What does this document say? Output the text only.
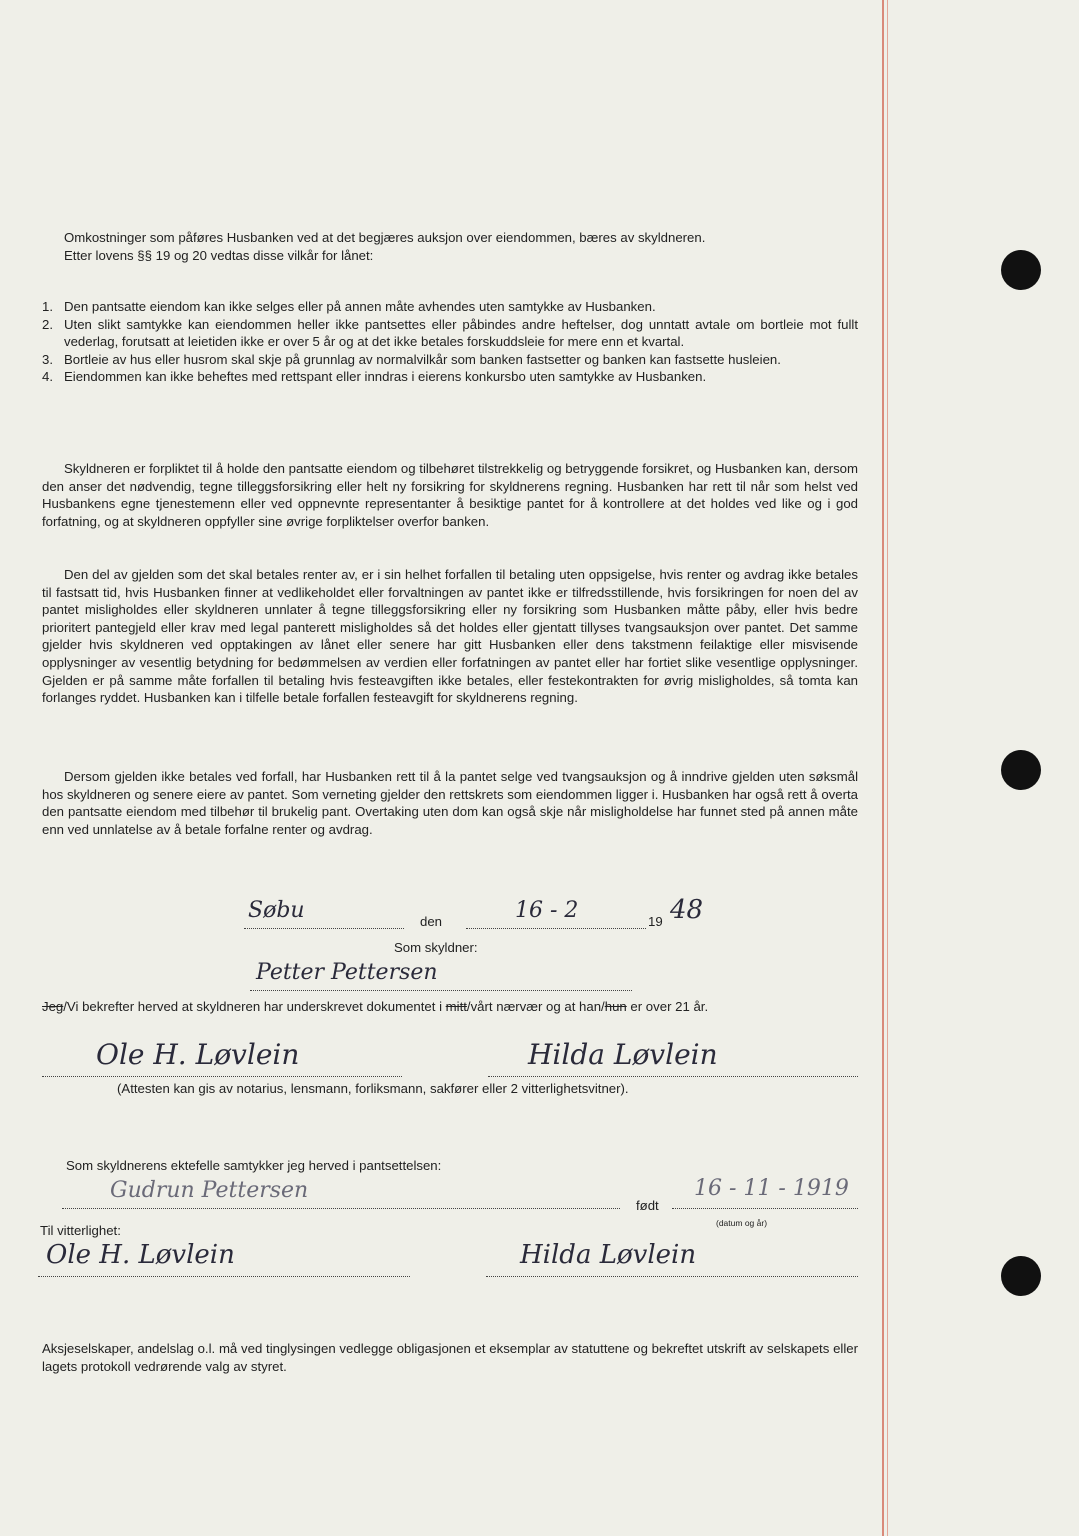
Omkostninger som påføres Husbanken ved at det begjæres auksjon over eiendommen, bæres av skyldneren.

Etter lovens §§ 19 og 20 vedtas disse vilkår for lånet:

1. Den pantsatte eiendom kan ikke selges eller på annen måte avhendes uten samtykke av Husbanken.
2. Uten slikt samtykke kan eiendommen heller ikke pantsettes eller påbindes andre heftelser, dog unntatt avtale om bortleie mot fullt vederlag, forutsatt at leietiden ikke er over 5 år og at det ikke betales forskuddsleie for mere enn et kvartal.
3. Bortleie av hus eller husrom skal skje på grunnlag av normalvilkår som banken fastsetter og banken kan fastsette husleien.
4. Eiendommen kan ikke beheftes med rettspant eller inndras i eierens konkursbo uten samtykke av Husbanken.

Skyldneren er forpliktet til å holde den pantsatte eiendom og tilbehøret tilstrekkelig og betryggende forsikret, og Husbanken kan, dersom den anser det nødvendig, tegne tilleggsforsikring eller helt ny forsikring for skyldnerens regning. Husbanken har rett til når som helst ved Husbankens egne tjenestemenn eller ved oppnevnte representanter å besiktige pantet for å kontrollere at det holdes ved like og i god forfatning, og at skyldneren oppfyller sine øvrige forpliktelser overfor banken.

Den del av gjelden som det skal betales renter av, er i sin helhet forfallen til betaling uten oppsigelse, hvis renter og avdrag ikke betales til fastsatt tid, hvis Husbanken finner at vedlikeholdet eller forvaltningen av pantet ikke er tilfredsstillende, hvis forsikringen for noen del av pantet misligholdes eller skyldneren unnlater å tegne tilleggsforsikring eller ny forsikring som Husbanken måtte påby, eller hvis bedre prioritert pantegjeld eller krav med legal panterett misligholdes så det holdes eller gjentatt tillyses tvangsauksjon over pantet. Det samme gjelder hvis skyldneren ved opptakingen av lånet eller senere har gitt Husbanken eller dens takstmenn feilaktige eller misvisende opplysninger av vesentlig betydning for bedømmelsen av verdien eller forfatningen av pantet eller har fortiet slike vesentlige opplysninger. Gjelden er på samme måte forfallen til betaling hvis festeavgiften ikke betales, eller festekontrakten for øvrig misligholdes, så tomta kan forlanges ryddet. Husbanken kan i tilfelle betale forfallen festeavgift for skyldnerens regning.

Dersom gjelden ikke betales ved forfall, har Husbanken rett til å la pantet selge ved tvangsauksjon og å inndrive gjelden uten søksmål hos skyldneren og senere eiere av pantet. Som verneting gjelder den rettskrets som eiendommen ligger i. Husbanken har også rett å overta den pantsatte eiendom med tilbehør til brukelig pant. Overtaking uten dom kan også skje når misligholdelse har funnet sted på annen måte enn ved unnlatelse av å betale forfalne renter og avdrag.

Søbu	den	16 - 2	19 48
Som skyldner:
Petter Pettersen

Jeg/Vi bekrefter herved at skyldneren har underskrevet dokumentet i mitt/vårt nærvær og at han/hun er over 21 år.

Ole H. Løvlein	Hilda Løvlein
(Attesten kan gis av notarius, lensmann, forliksmann, sakfører eller 2 vitterlighetsvitner).
Som skyldnerens ektefelle samtykker jeg herved i pantsettelsen:
Gudrun Pettersen
født
16 - 11 - 1919
(datum og år)
Til vitterlighet:
Ole H. Løvlein	Hilda Løvlein

Aksjeselskaper, andelslag o.l. må ved tinglysingen vedlegge obligasjonen et eksemplar av statuttene og bekreftet utskrift av selskapets eller lagets protokoll vedrørende valg av styret.
